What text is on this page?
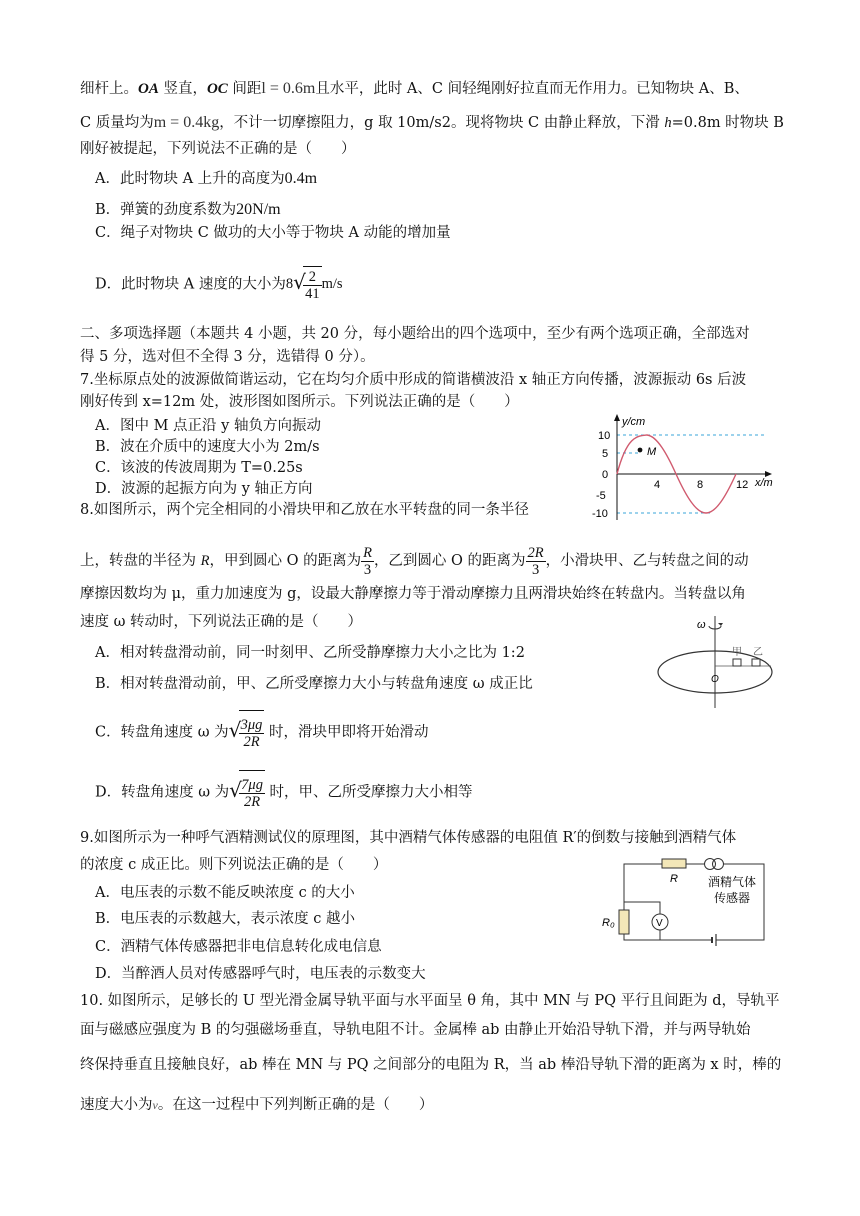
细杆上。OA 竖直，OC 间距l = 0.6m且水平，此时 A、C 间轻绳刚好拉直而无作用力。已知物块 A、B、
C 质量均为m = 0.4kg，不计一切摩擦阻力，g 取 10m/s2。现将物块 C 由静止释放，下滑 h=0.8m 时物块 B
刚好被提起，下列说法不正确的是（　　）
A．此时物块 A 上升的高度为0.4m
B．弹簧的劲度系数为20N/m
C．绳子对物块 C 做功的大小等于物块 A 动能的增加量
D．此时物块 A 速度的大小为8 √
$\frac{2}{41} m/s$
二、多项选择题（本题共 4 小题，共 20 分，每小题给出的四个选项中，至少有两个选项正确，全部选对
得 5 分，选对但不全得 3 分，选错得 0 分）。
7.坐标原点处的波源做简谐运动，它在均匀介质中形成的简谐横波沿 x 轴正方向传播，波源振动 6s 后波
刚好传到 x=12m 处，波形图如图所示。下列说法正确的是（　　）
A．图中 M 点正沿 y 轴负方向振动
B．波在介质中的速度大小为 2m/s
C．该波的传波周期为 T=0.25s
D．波源的起振方向为 y 轴正方向
y/cm
x/m
10
5
0
-5
-10
4	8	12
M
8.如图所示，两个完全相同的小滑块甲和乙放在水平转盘的同一条半径
上，转盘的半径为 R，甲到圆心 O 的距离为 $\frac{R}{3}$ ，乙到圆心 O 的距离为 $\frac{2R}{3}$ ，小滑块甲、乙与转盘之间的动
摩擦因数均为 μ，重力加速度为 g，设最大静摩擦力等于滑动摩擦力且两滑块始终在转盘内。当转盘以角
速度 ω 转动时，下列说法正确的是（　　）
A．相对转盘滑动前，同一时刻甲、乙所受静摩擦力大小之比为 1:2
B．相对转盘滑动前，甲、乙所受摩擦力大小与转盘角速度 ω 成正比
C．转盘角速度 ω 为 √
$\frac{3\mu g}{2R}$ 时，滑块甲即将开始滑动
D．转盘角速度 ω 为 √
$\frac{7\mu g}{2R}$ 时，甲、乙所受摩擦力大小相等
ω
甲 乙
O
9.如图所示为一种呼气酒精测试仪的原理图，其中酒精气体传感器的电阻值 R′的倒数与接触到酒精气体
的浓度 c 成正比。则下列说法正确的是（　　）
A．电压表的示数不能反映浓度 c 的大小
B．电压表的示数越大，表示浓度 c 越小
C．酒精气体传感器把非电信息转化成电信息
D．当醉酒人员对传感器呼气时，电压表的示数变大
V
R
R₀
酒精气体
传感器
10. 如图所示，足够长的 U 型光滑金属导轨平面与水平面呈 θ 角，其中 MN 与 PQ 平行且间距为 d，导轨平
面与磁感应强度为 B 的匀强磁场垂直，导轨电阻不计。金属棒 ab 由静止开始沿导轨下滑，并与两导轨始
终保持垂直且接触良好，ab 棒在 MN 与 PQ 之间部分的电阻为 R，当 ab 棒沿导轨下滑的距离为 x 时，棒的
速度大小为$^v$。在这一过程中下列判断正确的是（　　）
